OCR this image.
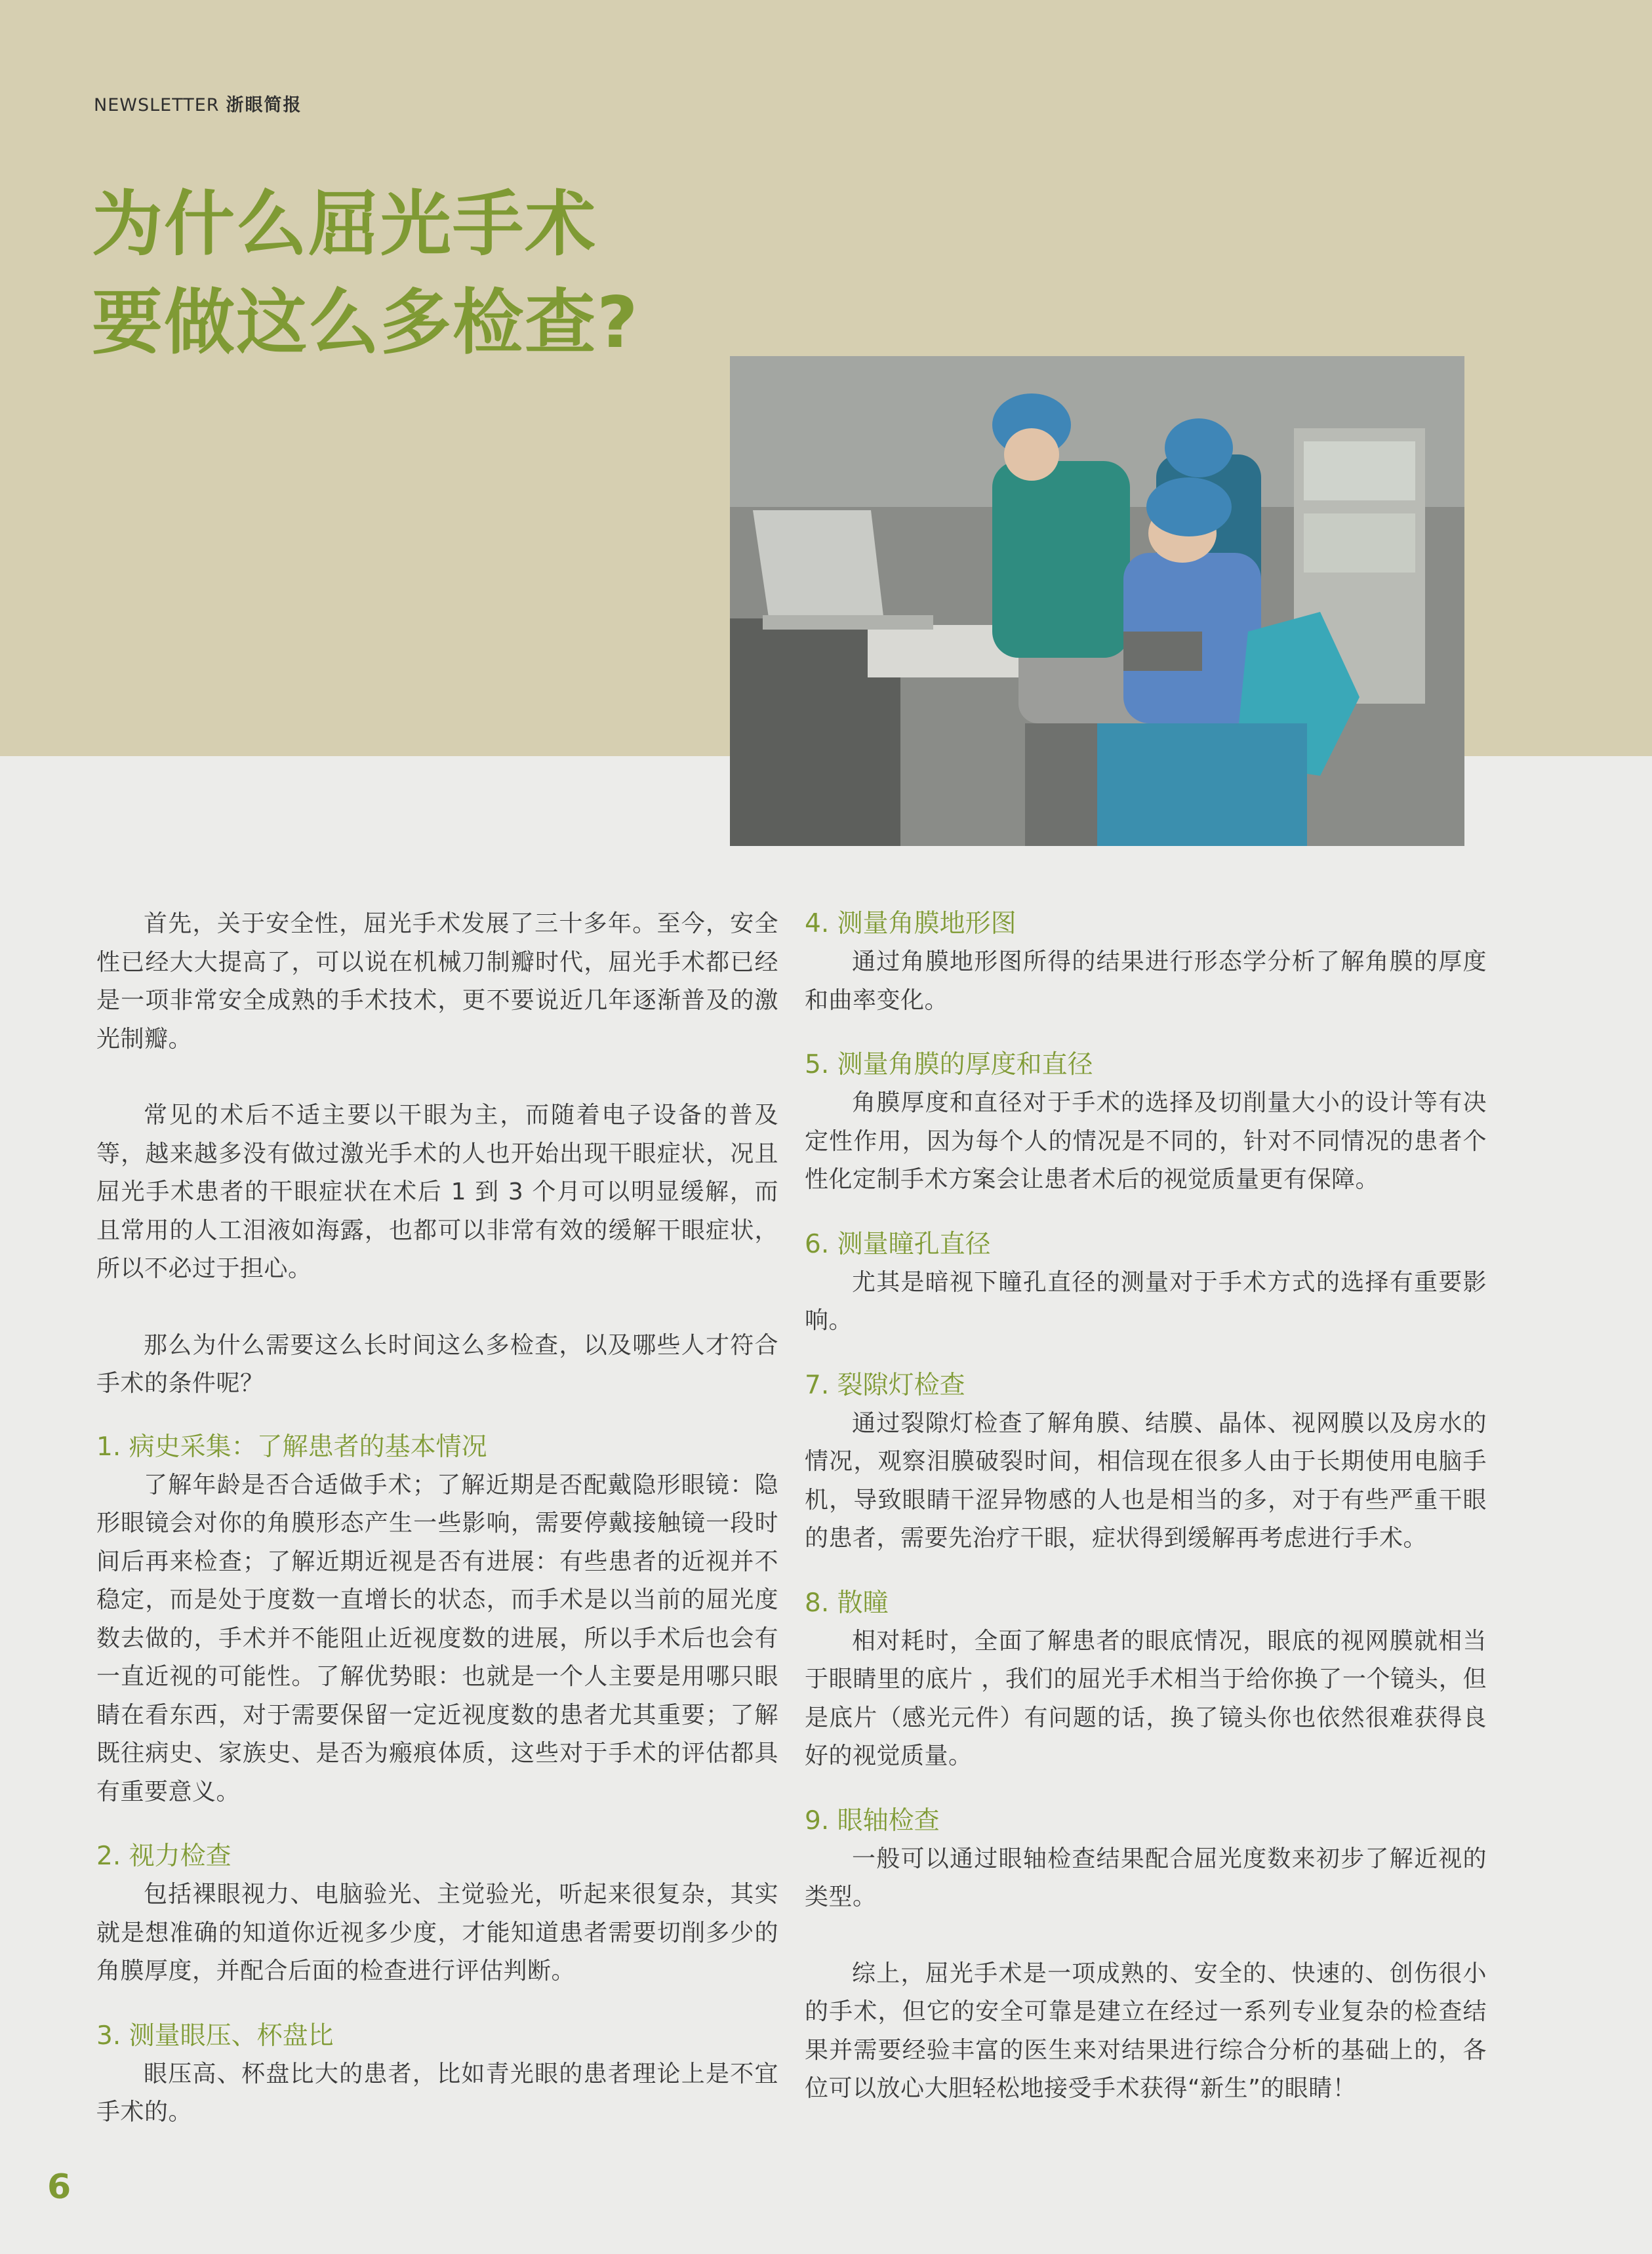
NEWSLETTER 浙眼简报
为什么屈光手术
要做这么多检查?

首先，关于安全性，屈光手术发展了三十多年。至今，安全性已经大大提高了，可以说在机械刀制瓣时代，屈光手术都已经是一项非常安全成熟的手术技术，更不要说近几年逐渐普及的激光制瓣。

常见的术后不适主要以干眼为主，而随着电子设备的普及等，越来越多没有做过激光手术的人也开始出现干眼症状，况且屈光手术患者的干眼症状在术后 1 到 3 个月可以明显缓解，而且常用的人工泪液如海露，也都可以非常有效的缓解干眼症状，所以不必过于担心。

那么为什么需要这么长时间这么多检查，以及哪些人才符合手术的条件呢？

1. 病史采集：了解患者的基本情况

了解年龄是否合适做手术；了解近期是否配戴隐形眼镜：隐形眼镜会对你的角膜形态产生一些影响，需要停戴接触镜一段时间后再来检查；了解近期近视是否有进展：有些患者的近视并不稳定，而是处于度数一直增长的状态，而手术是以当前的屈光度数去做的，手术并不能阻止近视度数的进展，所以手术后也会有一直近视的可能性。了解优势眼：也就是一个人主要是用哪只眼睛在看东西，对于需要保留一定近视度数的患者尤其重要；了解既往病史、家族史、是否为瘢痕体质，这些对于手术的评估都具有重要意义。

2. 视力检查

包括裸眼视力、电脑验光、主觉验光，听起来很复杂，其实就是想准确的知道你近视多少度，才能知道患者需要切削多少的角膜厚度，并配合后面的检查进行评估判断。

3. 测量眼压、杯盘比

眼压高、杯盘比大的患者，比如青光眼的患者理论上是不宜手术的。

4. 测量角膜地形图

通过角膜地形图所得的结果进行形态学分析了解角膜的厚度和曲率变化。

5. 测量角膜的厚度和直径

角膜厚度和直径对于手术的选择及切削量大小的设计等有决定性作用，因为每个人的情况是不同的，针对不同情况的患者个性化定制手术方案会让患者术后的视觉质量更有保障。

6. 测量瞳孔直径

尤其是暗视下瞳孔直径的测量对于手术方式的选择有重要影响。

7. 裂隙灯检查

通过裂隙灯检查了解角膜、结膜、晶体、视网膜以及房水的情况，观察泪膜破裂时间，相信现在很多人由于长期使用电脑手机，导致眼睛干涩异物感的人也是相当的多，对于有些严重干眼的患者，需要先治疗干眼，症状得到缓解再考虑进行手术。

8. 散瞳

相对耗时，全面了解患者的眼底情况，眼底的视网膜就相当于眼睛里的底片 ，我们的屈光手术相当于给你换了一个镜头，但是底片（感光元件）有问题的话，换了镜头你也依然很难获得良好的视觉质量。

9. 眼轴检查

一般可以通过眼轴检查结果配合屈光度数来初步了解近视的类型。

综上，屈光手术是一项成熟的、安全的、快速的、创伤很小的手术，但它的安全可靠是建立在经过一系列专业复杂的检查结果并需要经验丰富的医生来对结果进行综合分析的基础上的，各位可以放心大胆轻松地接受手术获得“新生”的眼睛！

6
